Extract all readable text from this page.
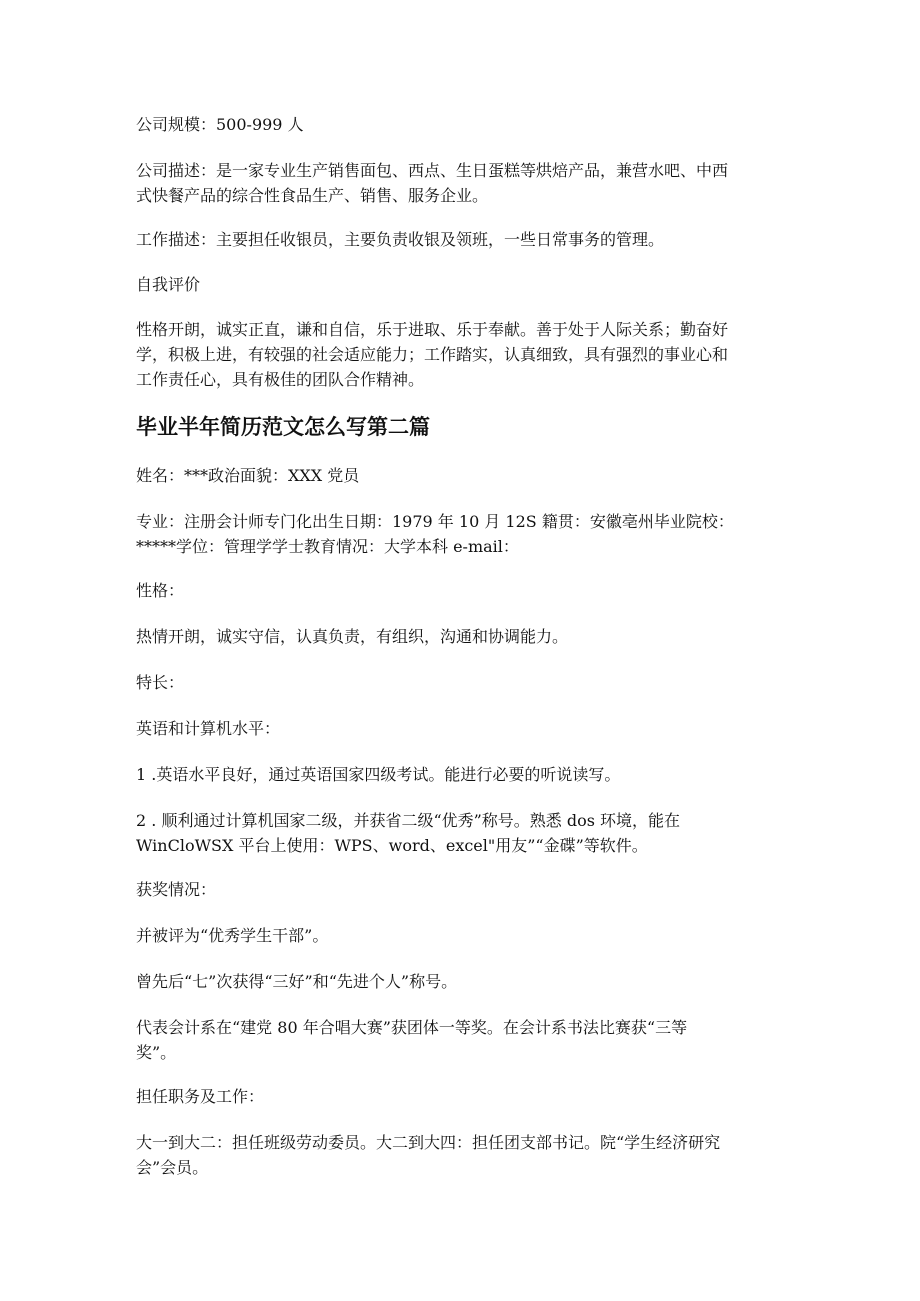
公司规模：500-999 人

公司描述：是一家专业生产销售面包、西点、生日蛋糕等烘焙产品，兼营水吧、中西
式快餐产品的综合性食品生产、销售、服务企业。

工作描述：主要担任收银员，主要负责收银及领班，一些日常事务的管理。

自我评价

性格开朗，诚实正直，谦和自信，乐于进取、乐于奉献。善于处于人际关系；勤奋好
学，积极上进，有较强的社会适应能力；工作踏实，认真细致，具有强烈的事业心和
工作责任心，具有极佳的团队合作精神。

毕业半年简历范文怎么写第二篇

姓名：***政治面貌：XXX 党员

专业：注册会计师专门化出生日期：1979 年 10 月 12S 籍贯：安徽亳州毕业院校：
*****学位：管理学学士教育情况：大学本科 e-mail：

性格：

热情开朗，诚实守信，认真负责，有组织，沟通和协调能力。

特长：

英语和计算机水平：

1 .英语水平良好，通过英语国家四级考试。能进行必要的听说读写。

2 . 顺利通过计算机国家二级，并获省二级“优秀”称号。熟悉 dos 环境，能在
WinCloWSX 平台上使用：WPS、word、excel"用友”“金碟”等软件。

获奖情况：

并被评为“优秀学生干部”。

曾先后“七”次获得“三好”和“先进个人”称号。

代表会计系在“建党 80 年合唱大赛”获团体一等奖。在会计系书法比赛获“三等
奖”。

担任职务及工作：

大一到大二：担任班级劳动委员。大二到大四：担任团支部书记。院“学生经济研究
会”会员。
